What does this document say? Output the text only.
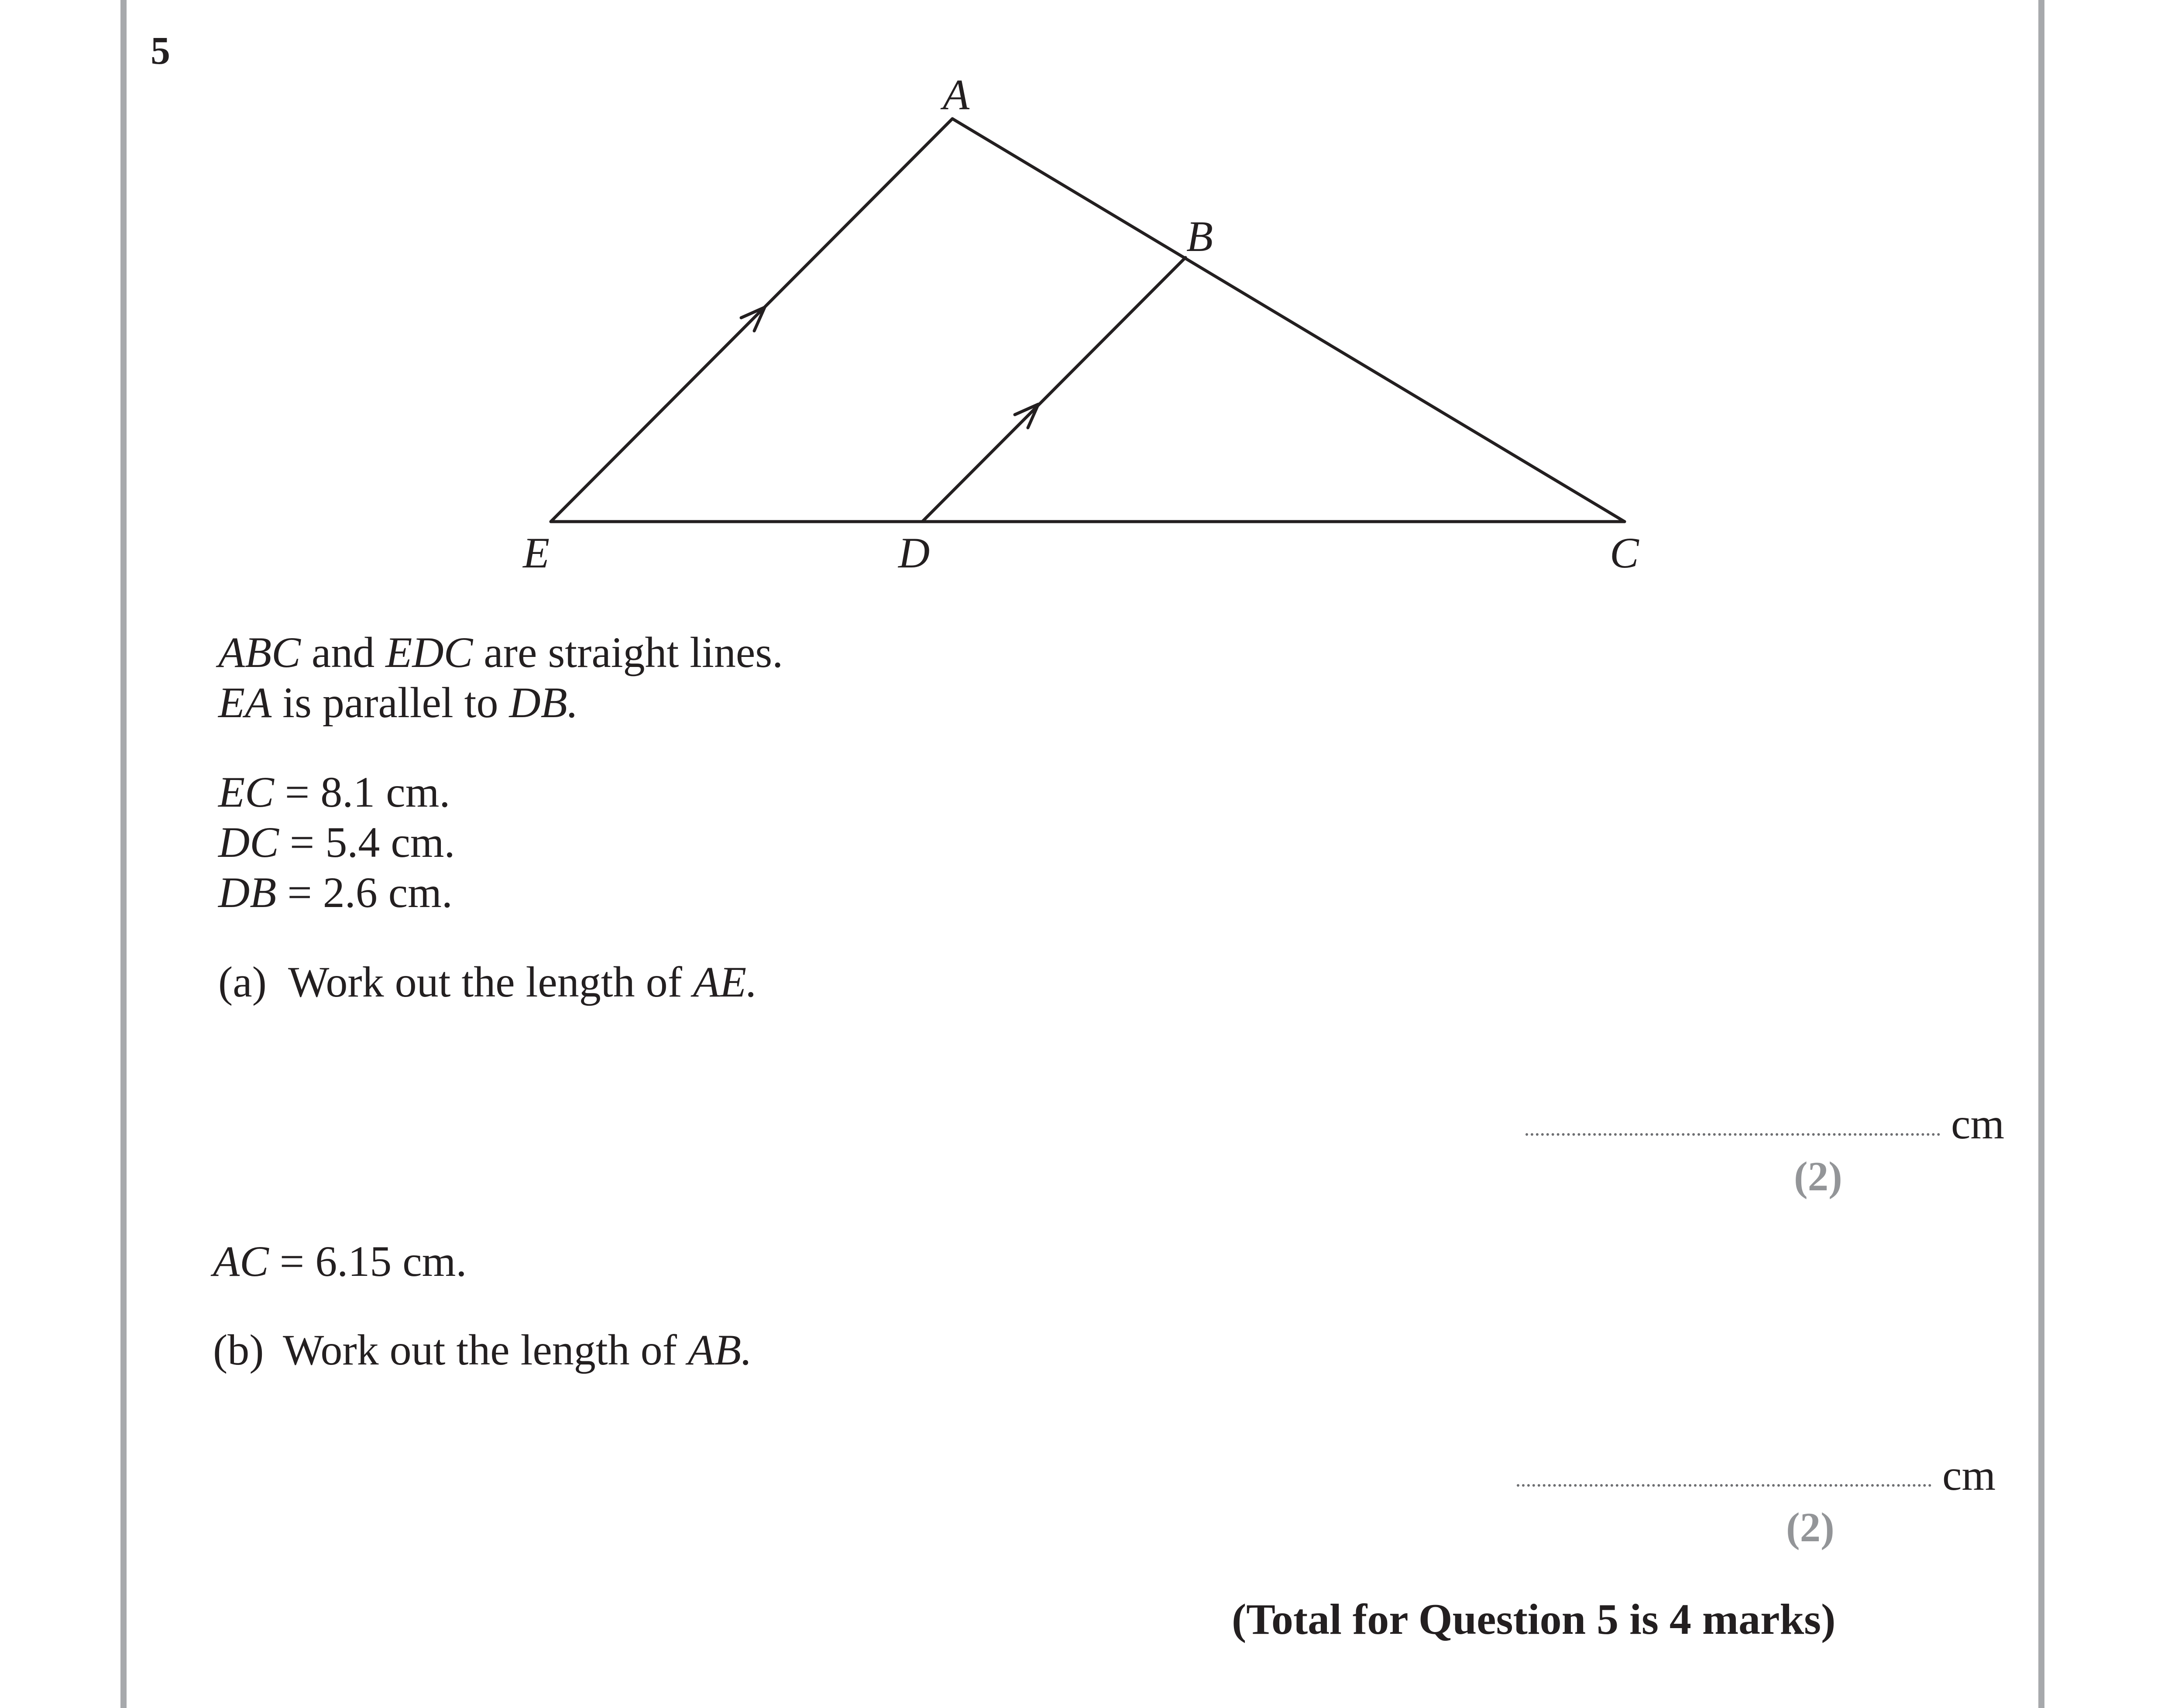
5
A
B
E	D	C
ABC and EDC are straight lines.
EA is parallel to DB.
EC = 8.1 cm.
DC = 5.4 cm.
DB = 2.6 cm.
(a) Work out the length of AE.
cm
(2)
AC = 6.15 cm.
(b) Work out the length of AB.
cm
(2)
(Total for Question 5 is 4 marks)
